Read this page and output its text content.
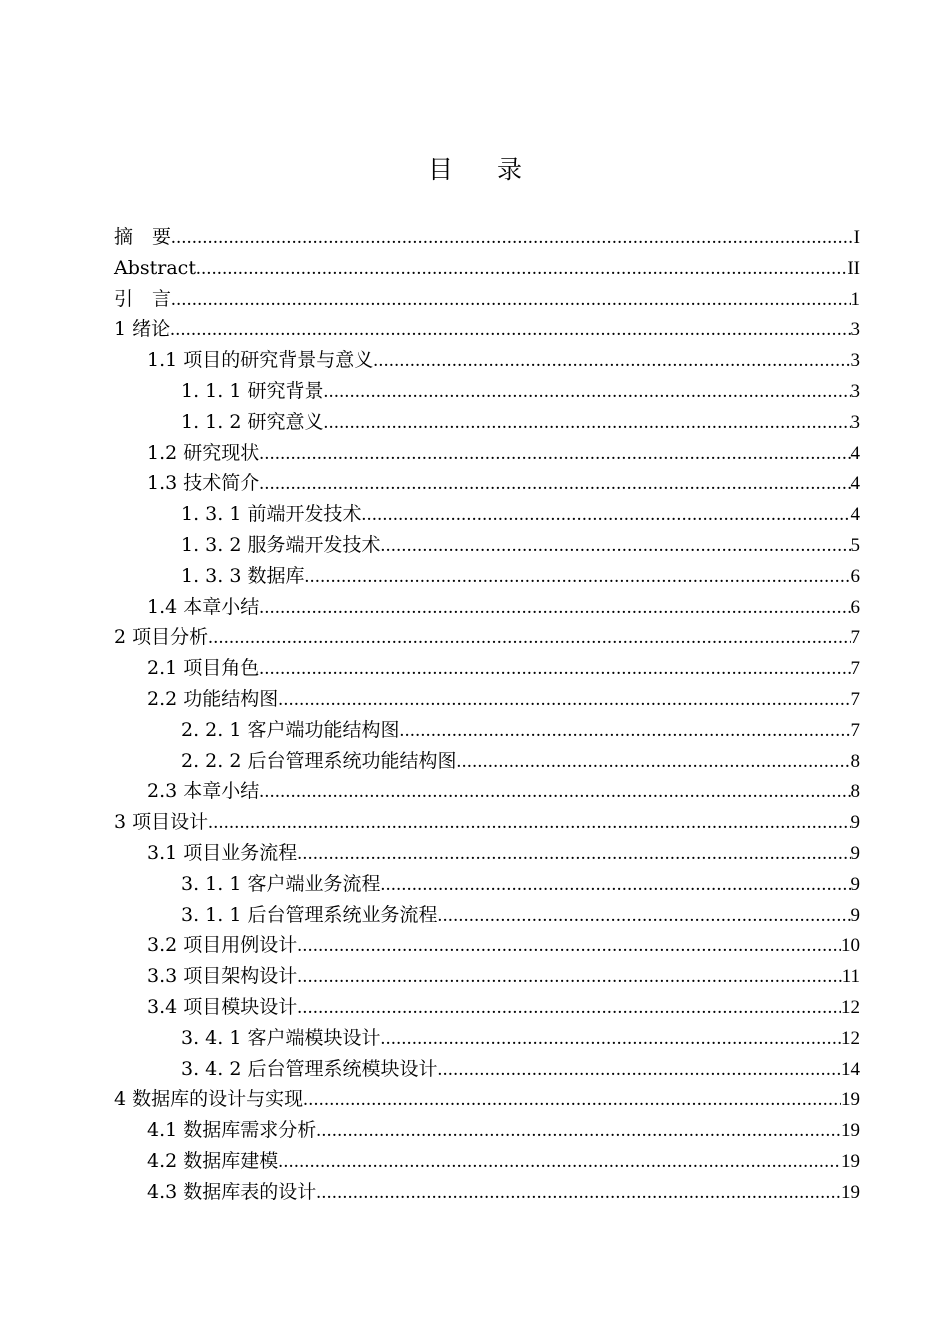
目 录
摘　要 .....	I
Abstract .....	II
引　言 .....	1
1 绪论 .....	3
1.1 项目的研究背景与意义 .....	3
1. 1. 1 研究背景 .....	3
1. 1. 2 研究意义 .....	3
1.2 研究现状 .....	4
1.3 技术简介 .....	4
1. 3. 1 前端开发技术 .....	4
1. 3. 2 服务端开发技术 .....	5
1. 3. 3 数据库 .....	6
1.4 本章小结 .....	6
2 项目分析 .....	7
2.1 项目角色 .....	7
2.2 功能结构图 .....	7
2. 2. 1 客户端功能结构图 .....	7
2. 2. 2 后台管理系统功能结构图 .....	8
2.3 本章小结 .....	8
3 项目设计 .....	9
3.1 项目业务流程 .....	9
3. 1. 1 客户端业务流程 .....	9
3. 1. 1 后台管理系统业务流程 .....	9
3.2 项目用例设计 .....	10
3.3 项目架构设计 .....	11
3.4 项目模块设计 .....	12
3. 4. 1 客户端模块设计 .....	12
3. 4. 2 后台管理系统模块设计 .....	14
4 数据库的设计与实现 .....	19
4.1 数据库需求分析 .....	19
4.2 数据库建模 .....	19
4.3 数据库表的设计 .....	19
